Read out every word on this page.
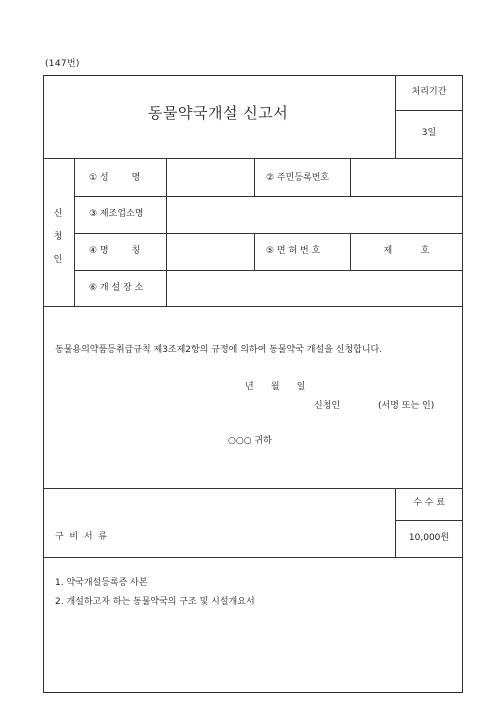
(147번)
동물약국개설 신고서
처리기간
3일
신
청
인
① 성        명	② 주민등록번호
③ 제조업소명
④ 명        칭	⑤ 면 허 번 호	제          호
⑥ 개 설 장 소
동물용의약품등취급규칙 제3조제2항의 규정에 의하여 동물약국 개설을 신청합니다.
년      월      일
신청인	(서명 또는 인)
○○○ 귀하
구  비  서  류
수 수 료
10,000원
1. 약국개설등록증 사본
2. 개설하고자 하는 동물약국의 구조 및 시설개요서
